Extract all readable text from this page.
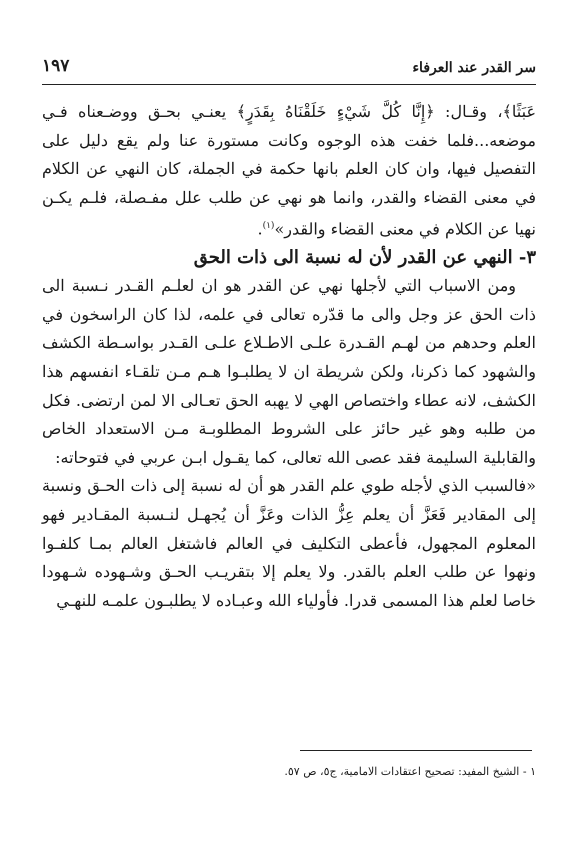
سر القدر عند العرفاء
١٩٧

عَبَثًا﴾، وقـال: ﴿إِنَّا كُلَّ شَيْءٍ خَلَقْنَاهُ بِقَدَرٍ﴾ يعنـي بحـق ووضـعناه فـي موضعه...فلما خفت هذه الوجوه وكانت مستورة عنا ولم يقع دليل على التفصيل فيها، وان كان العلم بانها حكمة في الجملة، كان النهي عن الكلام في معنى القضاء والقدر، وانما هو نهي عن طلب علل مفـصلة، فلـم يكـن نهيا عن الكلام في معنى القضاء والقدر»$^{(١)}$.

٣- النهي عن القدر لأن له نسبة الى ذات الحق

ومن الاسباب التي لأجلها نهي عن القدر هو ان لعلـم القـدر نـسبة الى ذات الحق عز وجل والى ما قدّره تعالى في علمه، لذا كان الراسخون في العلم وحدهم من لهـم القـدرة علـى الاطـلاع علـى القـدر بواسـطة الكشف والشهود كما ذكرنا، ولكن شريطة ان لا يطلبـوا هـم مـن تلقـاء انفسهم هذا الكشف، لانه عطاء واختصاص الهي لا يهبه الحق تعـالى الا لمن ارتضى. فكل من طلبه وهو غير حائز على الشروط المطلوبـة مـن الاستعداد الخاص والقابلية السليمة فقد عصى الله تعالى، كما يقـول ابـن عربي في فتوحاته:

«فالسبب الذي لأجله طوي علم القدر هو أن له نسبة إلى ذات الحـق ونسبة إلى المقادير فَعَزَّ أن يعلم عِزُّ الذات وعَزَّ أن يُجهـل لنـسبة المقـادير فهو المعلوم المجهول، فأعطى التكليف في العالم فاشتغل العالم بمـا كلفـوا ونهوا عن طلب العلم بالقدر. ولا يعلم إلا بتقريـب الحـق وشـهوده شـهودا خاصا لعلم هذا المسمى قدرا. فأولياء الله وعبـاده لا يطلبـون علمـه للنهـي

١ - الشيخ المفيد: تصحيح اعتقادات الامامية، ج٥، ص ٥٧.
